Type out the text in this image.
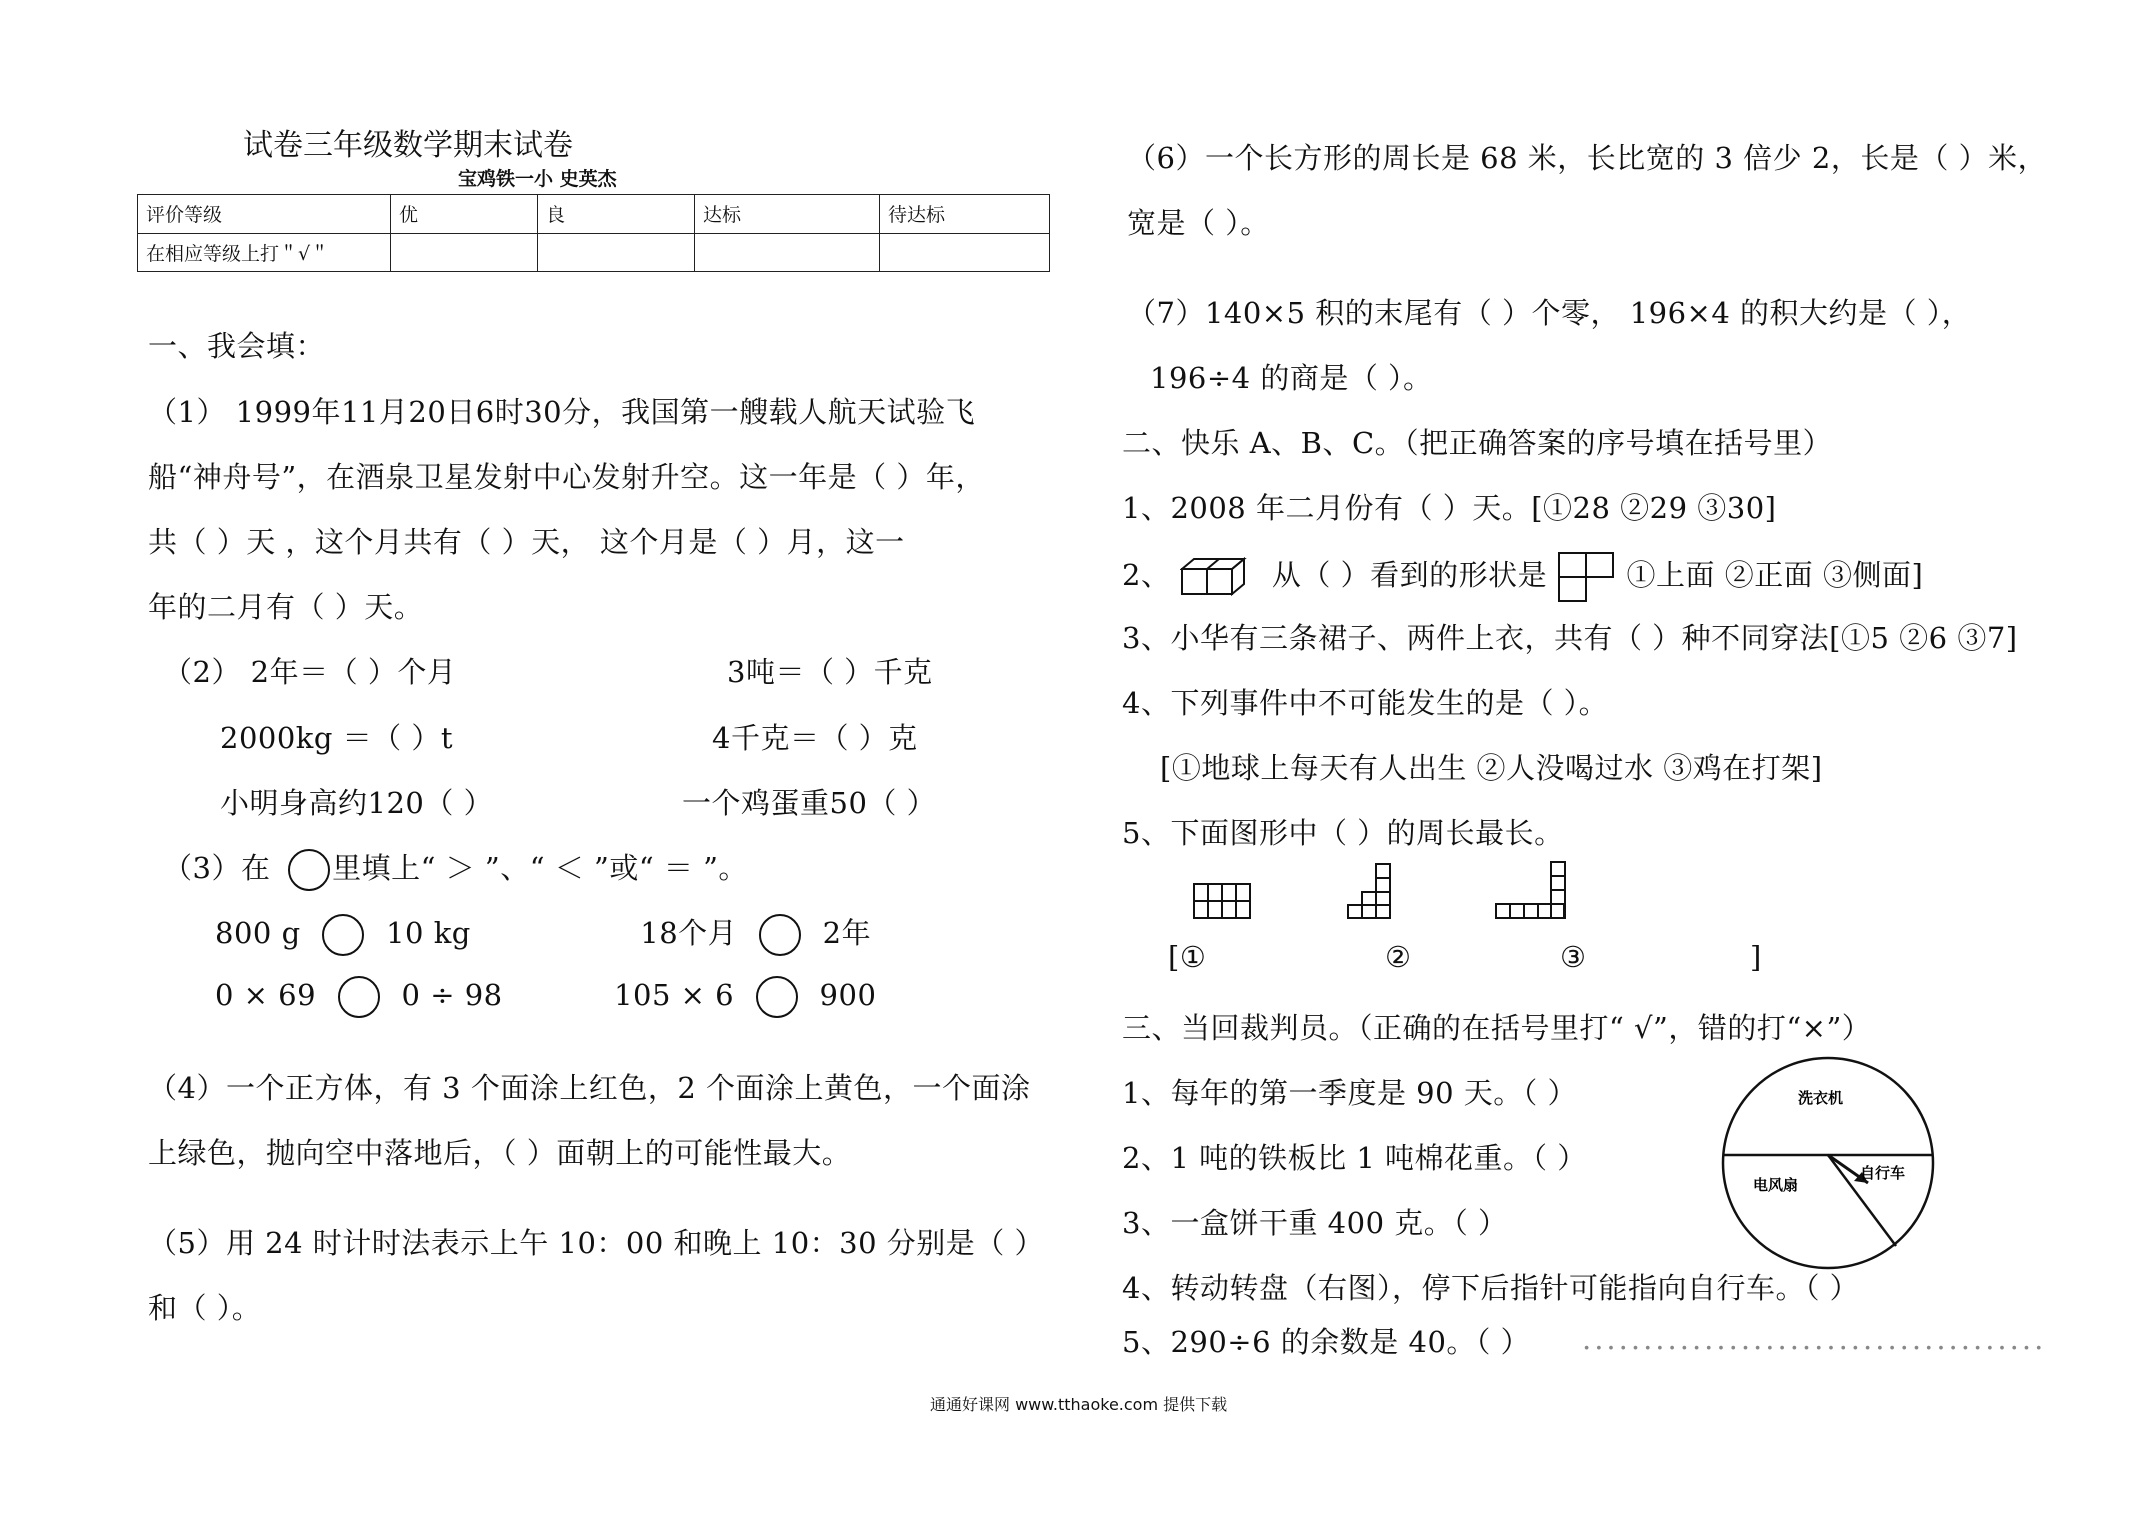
试卷三年级数学期末试卷
宝鸡铁一小 史英杰
评价等级	优	良	达标	待达标
在相应等级上打＂√＂				
一、我会填：
（1） 1999年11月20日6时30分，我国第一艘载人航天试验飞
船“神舟号”，在酒泉卫星发射中心发射升空。这一年是（ ）年，
共（ ）天 ，这个月共有（ ）天， 这个月是（ ）月，这一
年的二月有（ ）天。
（2） 2年＝（ ）个月	3吨＝（ ）千克
2000kg ＝（ ）t	4千克＝（ ）克
小明身高约120（ ）	一个鸡蛋重50（ ）
（3）在 里填上“ ＞ ”、“ ＜ ”或“ ＝ ”。
800 g	10 kg	18个月	2年
0 × 69	0 ÷ 98	105 × 6	900
（4）一个正方体，有 3 个面涂上红色，2 个面涂上黄色，一个面涂
上绿色，抛向空中落地后，（ ）面朝上的可能性最大。
（5）用 24 时计时法表示上午 10：00 和晚上 10：30 分别是（ ）
和（ ）。
（6）一个长方形的周长是 68 米，长比宽的 3 倍少 2，长是（ ）米，
宽是（ ）。
（7）140×5 积的末尾有（ ）个零， 196×4 的积大约是（ ），
196÷4 的商是（ ）。
二、快乐 A、B、C。（把正确答案的序号填在括号里）
1、2008 年二月份有（ ）天。[①28 ②29 ③30]
2、	从（ ）看到的形状是	①上面 ②正面 ③侧面]
3、小华有三条裙子、两件上衣，共有（ ）种不同穿法[①5 ②6 ③7]
4、下列事件中不可能发生的是（ ）。
[①地球上每天有人出生 ②人没喝过水 ③鸡在打架]
5、下面图形中（ ）的周长最长。
[①	②	③	]
三、当回裁判员。（正确的在括号里打“ √”，错的打“×”）
1、每年的第一季度是 90 天。（ ）
2、1 吨的铁板比 1 吨棉花重。（ ）
3、一盒饼干重 400 克。（ ）
4、转动转盘（右图），停下后指针可能指向自行车。（ ）
5、290÷6 的余数是 40。（ ） ......................................
洗衣机
电风扇
自行车
通通好课网 www.tthaoke.com 提供下载
